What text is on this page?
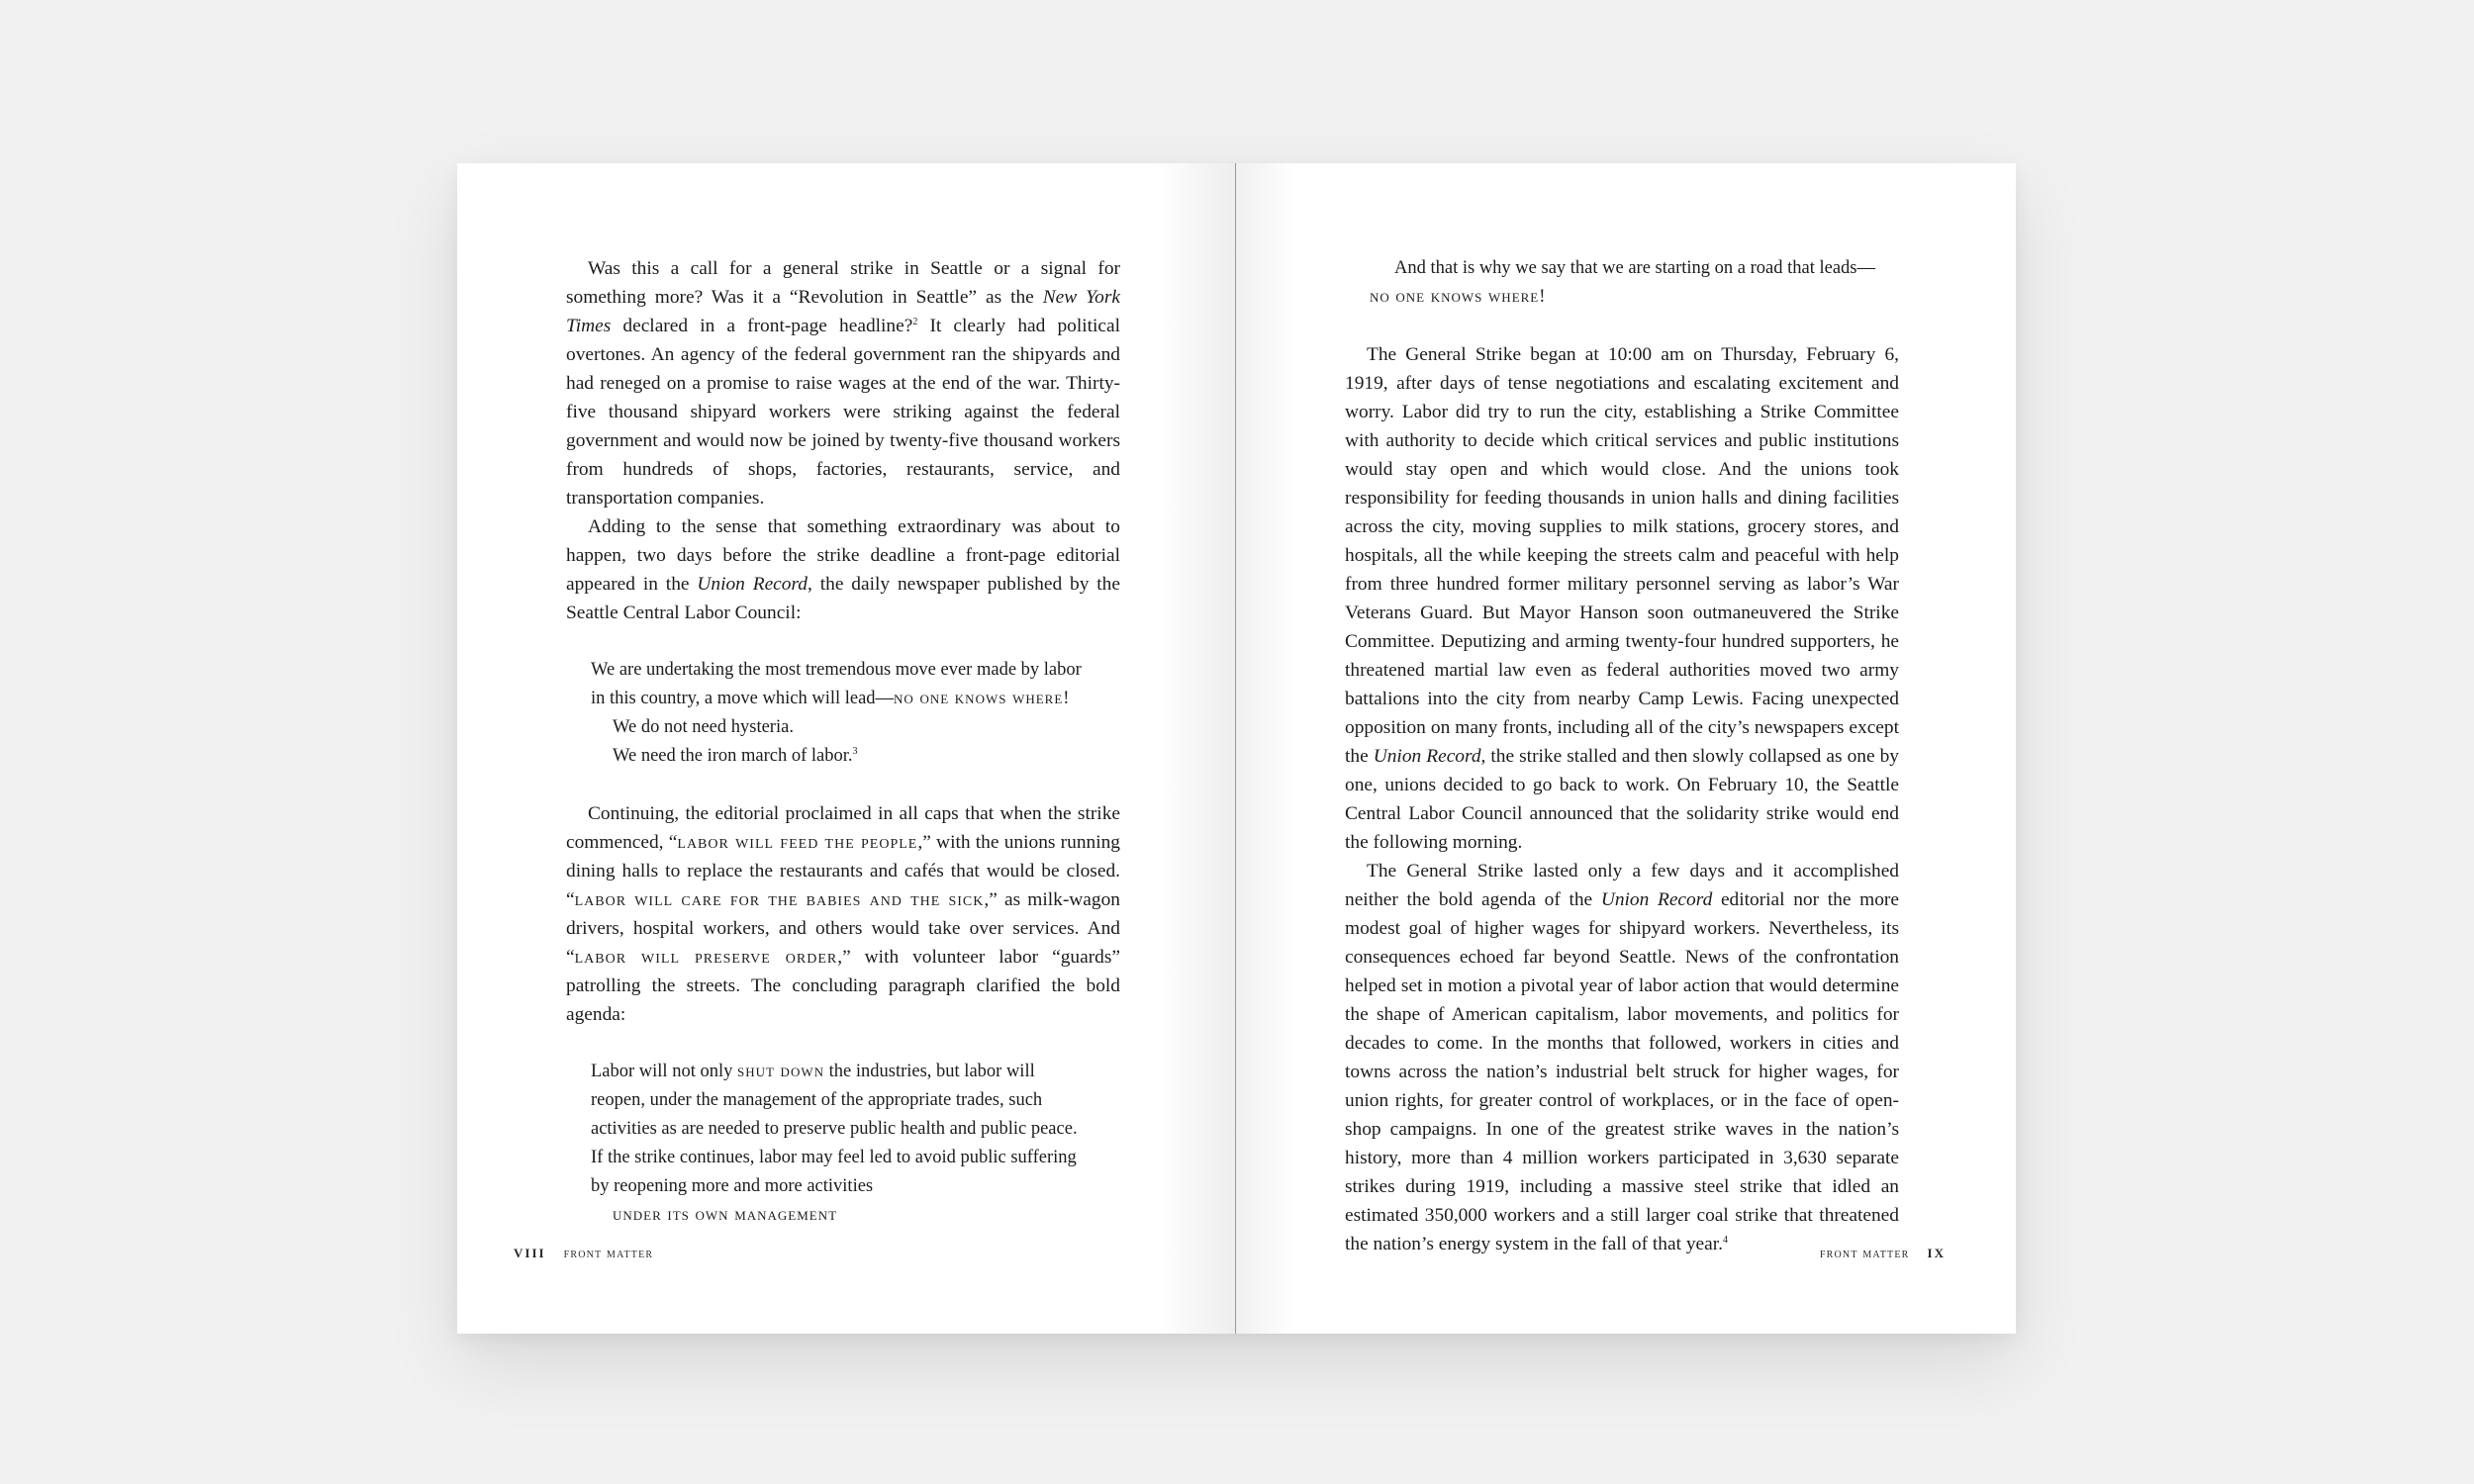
Was this a call for a general strike in Seattle or a signal for something more? Was it a “Revolution in Seattle” as the New York Times declared in a front-page headline?$^2$ It clearly had political overtones. An agency of the federal government ran the shipyards and had reneged on a promise to raise wages at the end of the war. Thirty-five thousand shipyard workers were striking against the federal government and would now be joined by twenty-five thousand workers from hundreds of shops, factories, restaurants, service, and transportation companies.

Adding to the sense that something extraordinary was about to happen, two days before the strike deadline a front-page editorial appeared in the Union Record, the daily newspaper published by the Seattle Central Labor Council:

We are undertaking the most tremendous move ever made by labor
in this country, a move which will lead—no one knows where!
We do not need hysteria.
We need the iron march of labor.$^3$

Continuing, the editorial proclaimed in all caps that when the strike commenced, “labor will feed the people,” with the unions running dining halls to replace the restaurants and cafés that would be closed. “labor will care for the babies and the sick,” as milk-wagon drivers, hospital workers, and others would take over services. And “labor will preserve order,” with volunteer labor “guards” patrolling the streets. The concluding paragraph clarified the bold agenda:

Labor will not only shut down the industries, but labor will
reopen, under the management of the appropriate trades, such
activities as are needed to preserve public health and public peace.
If the strike continues, labor may feel led to avoid public suffering
by reopening more and more activities
under its own management
viii front matter
And that is why we say that we are starting on a road that leads—
no one knows where!

The General Strike began at 10:00 am on Thursday, February 6, 1919, after days of tense negotiations and escalating excitement and worry. Labor did try to run the city, establishing a Strike Committee with authority to decide which critical services and public institutions would stay open and which would close. And the unions took responsibility for feeding thousands in union halls and dining facilities across the city, moving supplies to milk stations, grocery stores, and hospitals, all the while keeping the streets calm and peaceful with help from three hundred former military personnel serving as labor’s War Veterans Guard. But Mayor Hanson soon outmaneuvered the Strike Committee. Deputizing and arming twenty-four hundred supporters, he threatened martial law even as federal authorities moved two army battalions into the city from nearby Camp Lewis. Facing unexpected opposition on many fronts, including all of the city’s newspapers except the Union Record, the strike stalled and then slowly collapsed as one by one, unions decided to go back to work. On February 10, the Seattle Central Labor Council announced that the solidarity strike would end the following morning.

The General Strike lasted only a few days and it accomplished neither the bold agenda of the Union Record editorial nor the more modest goal of higher wages for shipyard workers. Nevertheless, its consequences echoed far beyond Seattle. News of the confrontation helped set in motion a pivotal year of labor action that would determine the shape of American capitalism, labor movements, and politics for decades to come. In the months that followed, workers in cities and towns across the nation’s industrial belt struck for higher wages, for union rights, for greater control of workplaces, or in the face of open-shop campaigns. In one of the greatest strike waves in the nation’s history, more than 4 million workers participated in 3,630 separate strikes during 1919, including a massive steel strike that idled an estimated 350,000 workers and a still larger coal strike that threatened the nation’s energy system in the fall of that year.$^4$

front matter ix
